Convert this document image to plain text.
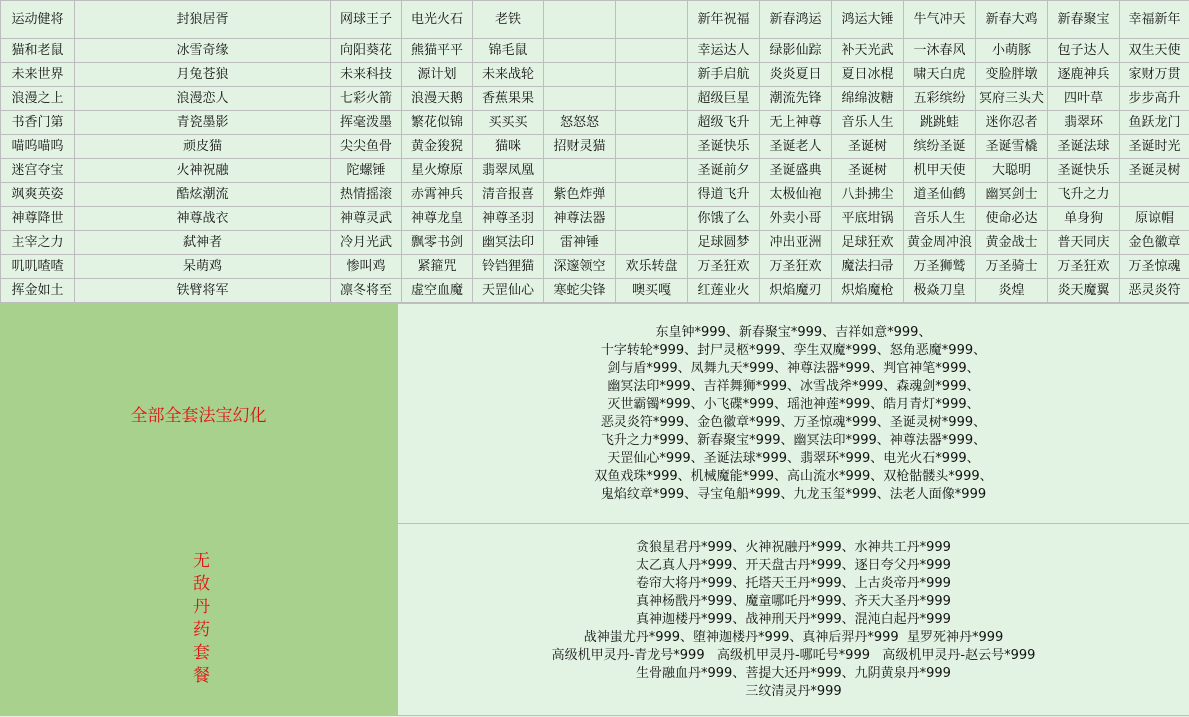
运动健将	封狼居胥	网球王子	电光火石	老铁			新年祝福	新春鸿运	鸿运大锤	牛气冲天	新春大鸡	新春聚宝	幸福新年
猫和老鼠	冰雪奇缘	向阳葵花	熊猫平平	锦毛鼠			幸运达人	绿影仙踪	补天光武	一沐春风	小萌豚	包子达人	双生天使
未来世界	月兔苍狼	未来科技	源计划	未来战轮			新手启航	炎炎夏日	夏日冰棍	啸天白虎	变脸胖墩	逐鹿神兵	家财万贯
浪漫之上	浪漫恋人	七彩火箭	浪漫天鹅	香蕉果果			超级巨星	潮流先锋	绵绵波糖	五彩缤纷	冥府三头犬	四叶草	步步高升
书香门第	青瓷墨影	挥毫泼墨	繁花似锦	买买买	怒怒怒		超级飞升	无上神尊	音乐人生	跳跳蛙	迷你忍者	翡翠环	鱼跃龙门
喵呜喵呜	顽皮猫	尖尖鱼骨	黄金狻猊	猫咪	招财灵猫		圣诞快乐	圣诞老人	圣诞树	缤纷圣诞	圣诞雪橇	圣诞法球	圣诞时光
迷宫夺宝	火神祝融	陀螺锤	星火燎原	翡翠凤凰			圣诞前夕	圣诞盛典	圣诞树	机甲天使	大聪明	圣诞快乐	圣诞灵树
飒爽英姿	酷炫潮流	热情摇滚	赤霄神兵	清音报喜	紫色炸弹		得道飞升	太极仙袍	八卦拂尘	道圣仙鹤	幽冥剑士	飞升之力	
神尊降世	神尊战衣	神尊灵武	神尊龙皇	神尊圣羽	神尊法器		你饿了么	外卖小哥	平底坩锅	音乐人生	使命必达	单身狗	原谅帽
主宰之力	弑神者	冷月光武	飘零书剑	幽冥法印	雷神锤		足球圆梦	冲出亚洲	足球狂欢	黄金周冲浪	黄金战士	普天同庆	金色徽章
叽叽喳喳	呆萌鸡	惨叫鸡	紧箍咒	铃铛狸猫	深邃领空	欢乐转盘	万圣狂欢	万圣狂欢	魔法扫帚	万圣狮鹫	万圣骑士	万圣狂欢	万圣惊魂
挥金如土	铁臂将军	凛冬将至	虚空血魔	天罡仙心	寒蛇尖锋	噢买嘎	红莲业火	炽焰魔刃	炽焰魔枪	极焱刀皇	炎煌	炎天魔翼	恶灵炎符
全部全套法宝幻化
东皇钟*999、新春聚宝*999、吉祥如意*999、
十字转轮*999、封尸灵柩*999、孪生双魔*999、怒角恶魔*999、
剑与盾*999、凤舞九天*999、神尊法器*999、判官神笔*999、
幽冥法印*999、吉祥舞狮*999、冰雪战斧*999、森魂剑*999、
灭世霸镯*999、小飞碟*999、瑶池神莲*999、皓月青灯*999、
恶灵炎符*999、金色徽章*999、万圣惊魂*999、圣诞灵树*999、
飞升之力*999、新春聚宝*999、幽冥法印*999、神尊法器*999、
天罡仙心*999、圣诞法球*999、翡翠环*999、电光火石*999、
双鱼戏珠*999、机械魔能*999、高山流水*999、双枪骷髅头*999、
鬼焰纹章*999、寻宝龟船*999、九龙玉玺*999、法老人面像*999
无敌丹药套餐
贪狼星君丹*999、火神祝融丹*999、水神共工丹*999
太乙真人丹*999、开天盘古丹*999、逐日夸父丹*999
卷帘大将丹*999、托塔天王丹*999、上古炎帝丹*999
真神杨戬丹*999、魔童哪吒丹*999、齐天大圣丹*999
真神迦楼丹*999、战神刑天丹*999、混沌白起丹*999
战神蚩尤丹*999、堕神迦楼丹*999、真神后羿丹*999  星罗死神丹*999
高级机甲灵丹-青龙号*999   高级机甲灵丹-哪吒号*999   高级机甲灵丹-赵云号*999
生骨融血丹*999、菩提大还丹*999、九阴黄泉丹*999
三纹清灵丹*999
